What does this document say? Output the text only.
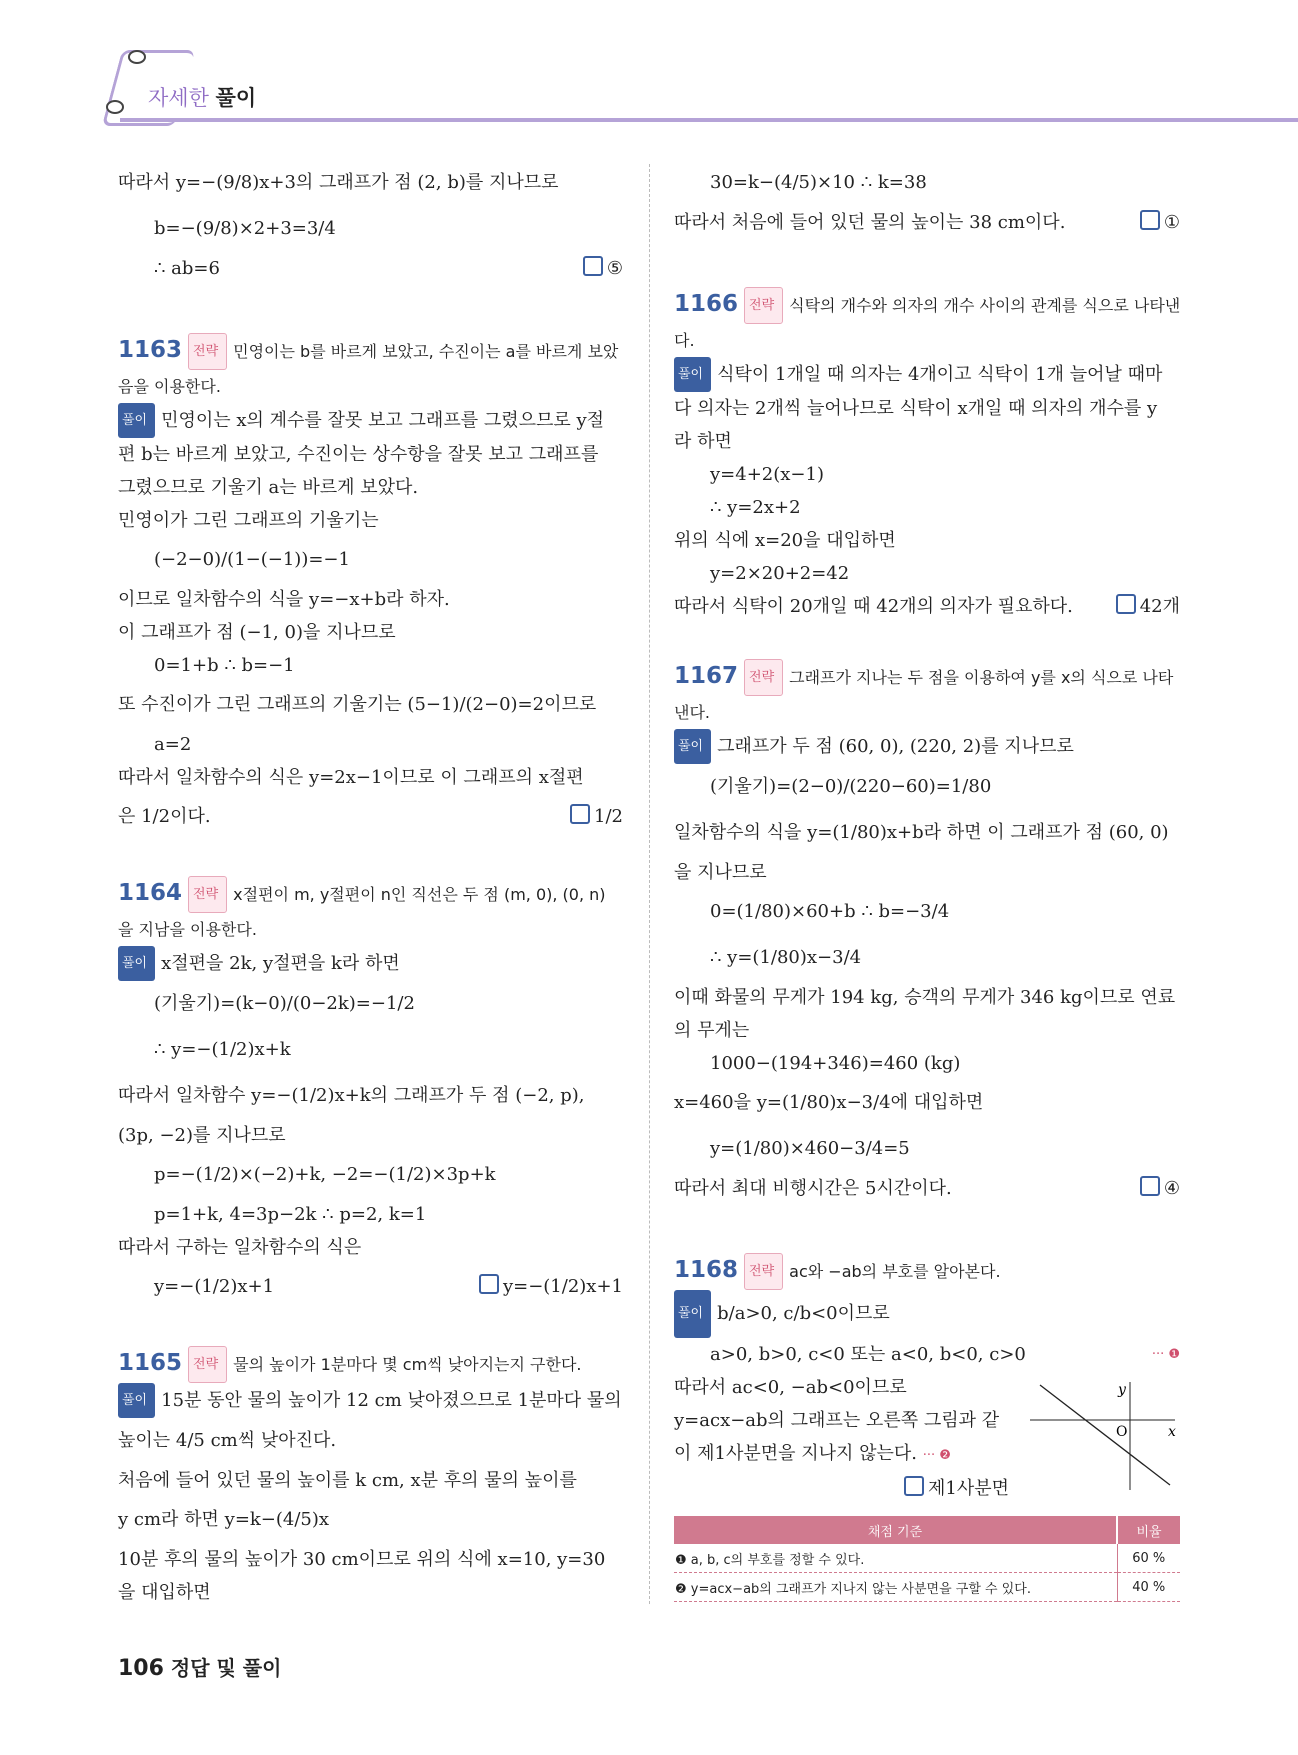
자세한 풀이
따라서 y=−(9/8)x+3의 그래프가 점 (2, b)를 지나므로
b=−(9/8)×2+3=3/4
∴ ab=6	⑤
1163 전략 민영이는 b를 바르게 보았고, 수진이는 a를 바르게 보았
음을 이용한다.
풀이 민영이는 x의 계수를 잘못 보고 그래프를 그렸으므로 y절
편 b는 바르게 보았고, 수진이는 상수항을 잘못 보고 그래프를
그렸으므로 기울기 a는 바르게 보았다.
민영이가 그린 그래프의 기울기는
(−2−0)/(1−(−1))=−1
이므로 일차함수의 식을 y=−x+b라 하자.
이 그래프가 점 (−1, 0)을 지나므로
0=1+b ∴ b=−1
또 수진이가 그린 그래프의 기울기는 (5−1)/(2−0)=2이므로
a=2
따라서 일차함수의 식은 y=2x−1이므로 이 그래프의 x절편
은 1/2이다.	1/2
1164 전략 x절편이 m, y절편이 n인 직선은 두 점 (m, 0), (0, n)
을 지남을 이용한다.
풀이 x절편을 2k, y절편을 k라 하면
(기울기)=(k−0)/(0−2k)=−1/2
∴ y=−(1/2)x+k
따라서 일차함수 y=−(1/2)x+k의 그래프가 두 점 (−2, p),
(3p, −2)를 지나므로
p=−(1/2)×(−2)+k, −2=−(1/2)×3p+k
p=1+k, 4=3p−2k ∴ p=2, k=1
따라서 구하는 일차함수의 식은
y=−(1/2)x+1	y=−(1/2)x+1
1165 전략 물의 높이가 1분마다 몇 cm씩 낮아지는지 구한다.
풀이 15분 동안 물의 높이가 12 cm 낮아졌으므로 1분마다 물의
높이는 4/5 cm씩 낮아진다.
처음에 들어 있던 물의 높이를 k cm, x분 후의 물의 높이를
y cm라 하면 y=k−(4/5)x
10분 후의 물의 높이가 30 cm이므로 위의 식에 x=10, y=30
을 대입하면
30=k−(4/5)×10 ∴ k=38
따라서 처음에 들어 있던 물의 높이는 38 cm이다.	①
1166 전략 식탁의 개수와 의자의 개수 사이의 관계를 식으로 나타낸
다.
풀이 식탁이 1개일 때 의자는 4개이고 식탁이 1개 늘어날 때마
다 의자는 2개씩 늘어나므로 식탁이 x개일 때 의자의 개수를 y
라 하면
y=4+2(x−1)
∴ y=2x+2
위의 식에 x=20을 대입하면
y=2×20+2=42
따라서 식탁이 20개일 때 42개의 의자가 필요하다.	42개
1167 전략 그래프가 지나는 두 점을 이용하여 y를 x의 식으로 나타
낸다.
풀이 그래프가 두 점 (60, 0), (220, 2)를 지나므로
(기울기)=(2−0)/(220−60)=1/80
일차함수의 식을 y=(1/80)x+b라 하면 이 그래프가 점 (60, 0)
을 지나므로
0=(1/80)×60+b ∴ b=−3/4
∴ y=(1/80)x−3/4
이때 화물의 무게가 194 kg, 승객의 무게가 346 kg이므로 연료
의 무게는
1000−(194+346)=460 (kg)
x=460을 y=(1/80)x−3/4에 대입하면
y=(1/80)×460−3/4=5
따라서 최대 비행시간은 5시간이다.	④
1168 전략 ac와 −ab의 부호를 알아본다.
풀이 b/a>0, c/b<0이므로
a>0, b>0, c<0 또는 a<0, b<0, c>0	··· ❶
따라서 ac<0, −ab<0이므로
y=acx−ab의 그래프는 오른쪽 그림과 같
이 제1사분면을 지나지 않는다. ··· ❷
제1사분면
x
y
O
채점 기준	비율
❶ a, b, c의 부호를 정할 수 있다.	60 %
❷ y=acx−ab의 그래프가 지나지 않는 사분면을 구할 수 있다.	40 %
106 정답 및 풀이
